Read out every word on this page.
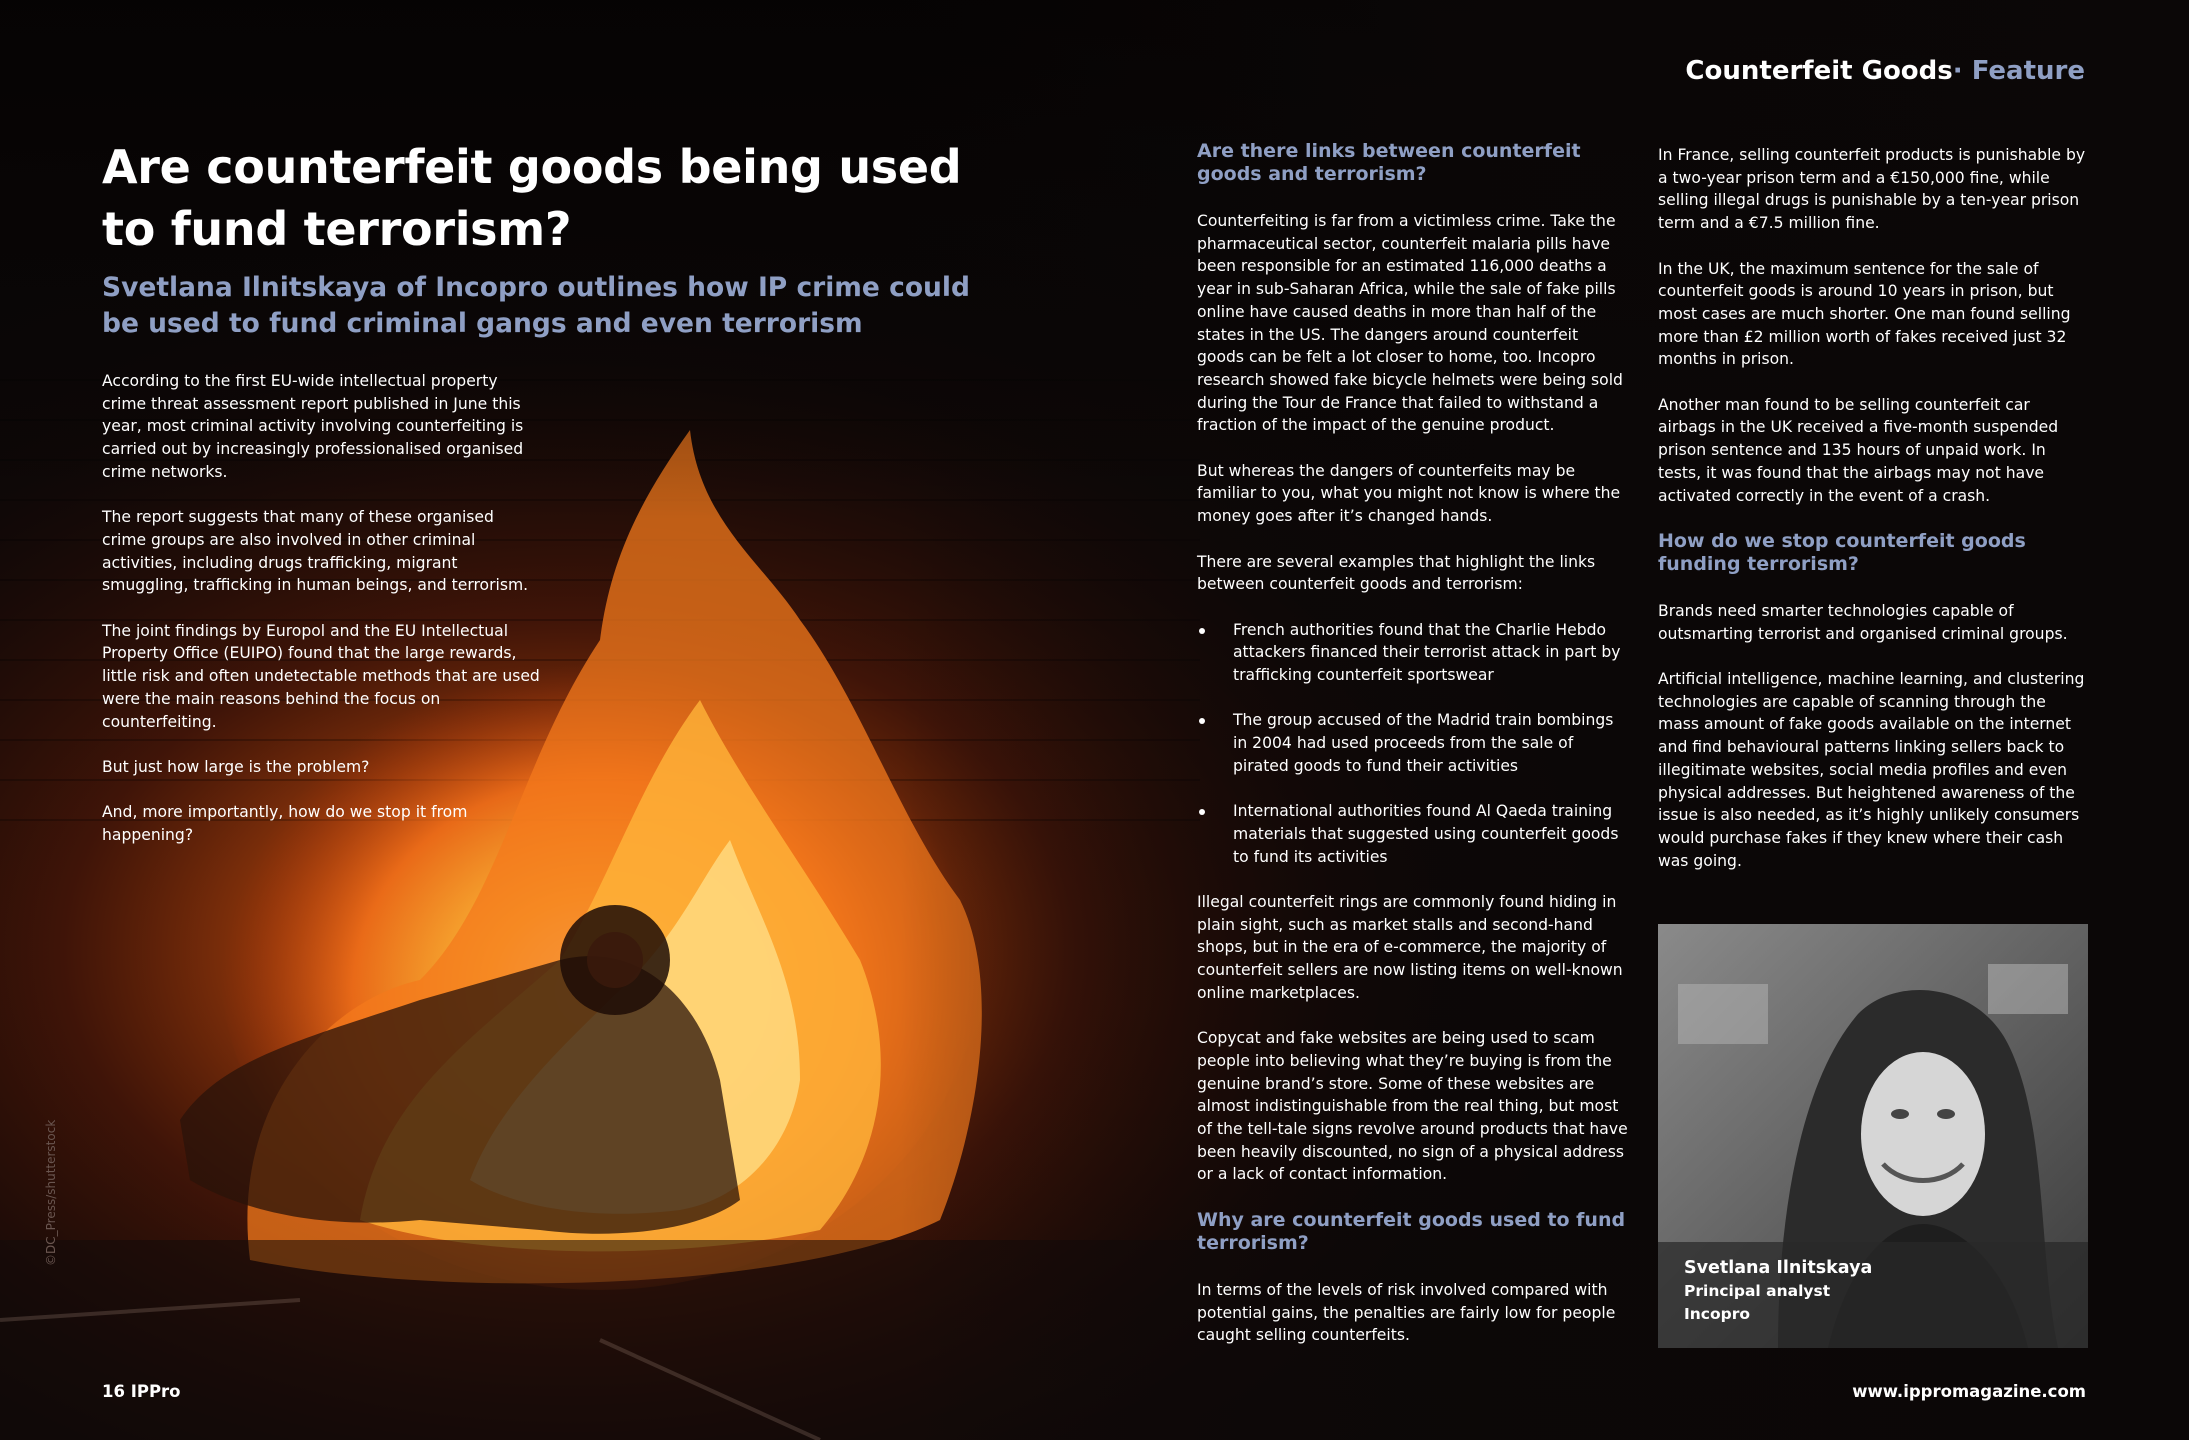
Counterfeit Goods· Feature
Are counterfeit goods being used to fund terrorism?
Svetlana Ilnitskaya of Incopro outlines how IP crime could be used to fund criminal gangs and even terrorism

According to the first EU-wide intellectual property crime threat assessment report published in June this year, most criminal activity involving counterfeiting is carried out by increasingly professionalised organised crime networks.

The report suggests that many of these organised crime groups are also involved in other criminal activities, including drugs trafficking, migrant smuggling, trafficking in human beings, and terrorism.

The joint findings by Europol and the EU Intellectual Property Office (EUIPO) found that the large rewards, little risk and often undetectable methods that are used were the main reasons behind the focus on counterfeiting.

But just how large is the problem?

And, more importantly, how do we stop it from happening?

Are there links between counterfeit goods and terrorism?

Counterfeiting is far from a victimless crime. Take the pharmaceutical sector, counterfeit malaria pills have been responsible for an estimated 116,000 deaths a year in sub-Saharan Africa, while the sale of fake pills online have caused deaths in more than half of the states in the US. The dangers around counterfeit goods can be felt a lot closer to home, too. Incopro research showed fake bicycle helmets were being sold during the Tour de France that failed to withstand a fraction of the impact of the genuine product.

But whereas the dangers of counterfeits may be familiar to you, what you might not know is where the money goes after it’s changed hands.

There are several examples that highlight the links between counterfeit goods and terrorism:

French authorities found that the Charlie Hebdo attackers financed their terrorist attack in part by trafficking counterfeit sportswear
The group accused of the Madrid train bombings in 2004 had used proceeds from the sale of pirated goods to fund their activities
International authorities found Al Qaeda training materials that suggested using counterfeit goods to fund its activities

Illegal counterfeit rings are commonly found hiding in plain sight, such as market stalls and second-hand shops, but in the era of e-commerce, the majority of counterfeit sellers are now listing items on well-known online marketplaces.

Copycat and fake websites are being used to scam people into believing what they’re buying is from the genuine brand’s store. Some of these websites are almost indistinguishable from the real thing, but most of the tell-tale signs revolve around products that have been heavily discounted, no sign of a physical address or a lack of contact information.

Why are counterfeit goods used to fund terrorism?

In terms of the levels of risk involved compared with potential gains, the penalties are fairly low for people caught selling counterfeits.

In France, selling counterfeit products is punishable by a two-year prison term and a €150,000 fine, while selling illegal drugs is punishable by a ten-year prison term and a €7.5 million fine.

In the UK, the maximum sentence for the sale of counterfeit goods is around 10 years in prison, but most cases are much shorter. One man found selling more than £2 million worth of fakes received just 32 months in prison.

Another man found to be selling counterfeit car airbags in the UK received a five-month suspended prison sentence and 135 hours of unpaid work. In tests, it was found that the airbags may not have activated correctly in the event of a crash.

How do we stop counterfeit goods funding terrorism?

Brands need smarter technologies capable of outsmarting terrorist and organised criminal groups.

Artificial intelligence, machine learning, and clustering technologies are capable of scanning through the mass amount of fake goods available on the internet and find behavioural patterns linking sellers back to illegitimate websites, social media profiles and even physical addresses. But heightened awareness of the issue is also needed, as it’s highly unlikely consumers would purchase fakes if they knew where their cash was going.

Svetlana Ilnitskaya
Principal analyst
Incopro
©DC_Press/shutterstock
16 IPPro	www.ippromagazine.com
